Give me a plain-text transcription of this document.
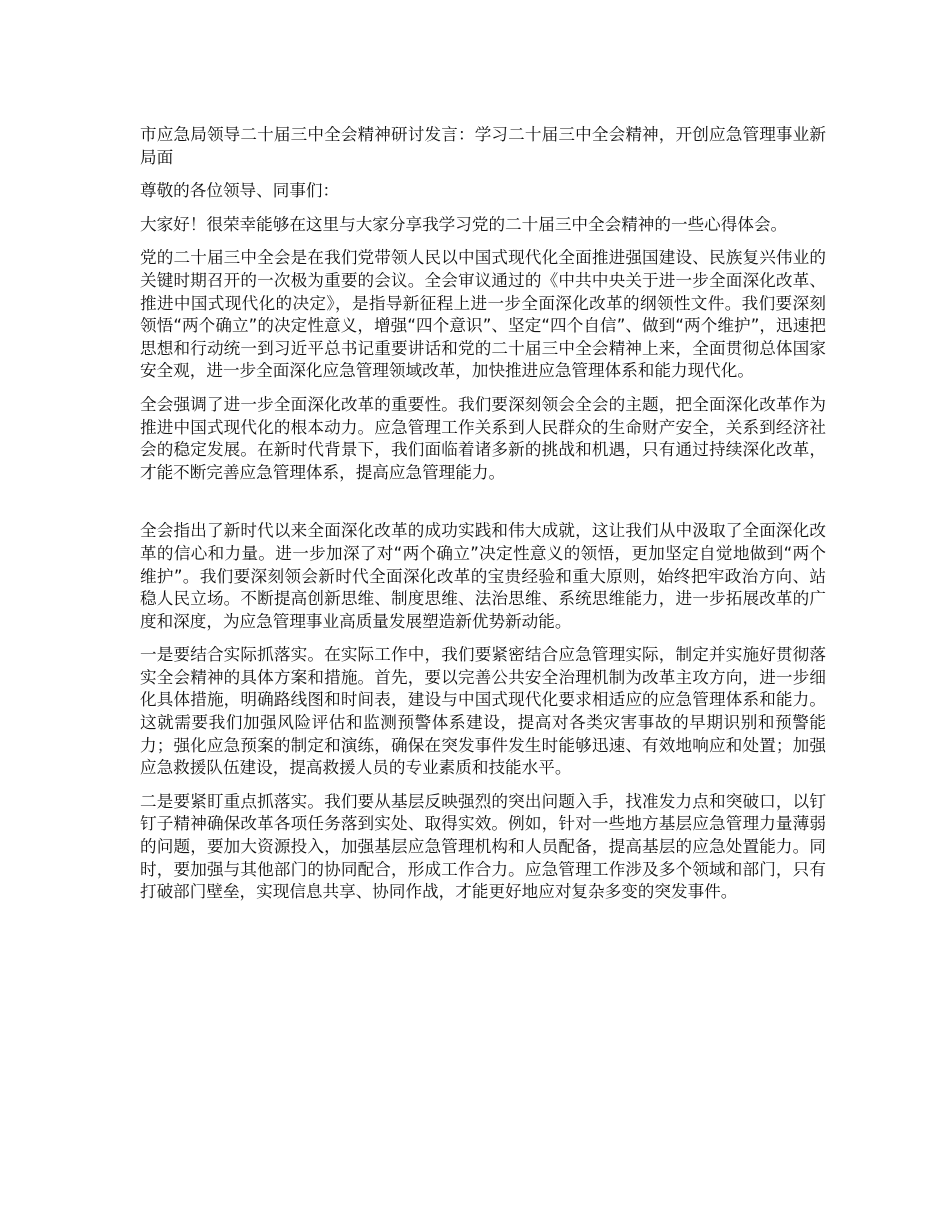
市应急局领导二十届三中全会精神研讨发言：学习二十届三中全会精神，开创应急管理事业新局面

尊敬的各位领导、同事们：

大家好！很荣幸能够在这里与大家分享我学习党的二十届三中全会精神的一些心得体会。

党的二十届三中全会是在我们党带领人民以中国式现代化全面推进强国建设、民族复兴伟业的关键时期召开的一次极为重要的会议。全会审议通过的《中共中央关于进一步全面深化改革、推进中国式现代化的决定》，是指导新征程上进一步全面深化改革的纲领性文件。我们要深刻领悟“两个确立”的决定性意义，增强“四个意识”、坚定“四个自信”、做到“两个维护”，迅速把思想和行动统一到习近平总书记重要讲话和党的二十届三中全会精神上来，全面贯彻总体国家安全观，进一步全面深化应急管理领域改革，加快推进应急管理体系和能力现代化。

全会强调了进一步全面深化改革的重要性。我们要深刻领会全会的主题，把全面深化改革作为推进中国式现代化的根本动力。应急管理工作关系到人民群众的生命财产安全，关系到经济社会的稳定发展。在新时代背景下，我们面临着诸多新的挑战和机遇，只有通过持续深化改革，才能不断完善应急管理体系，提高应急管理能力。

全会指出了新时代以来全面深化改革的成功实践和伟大成就，这让我们从中汲取了全面深化改革的信心和力量。进一步加深了对“两个确立”决定性意义的领悟，更加坚定自觉地做到“两个维护”。我们要深刻领会新时代全面深化改革的宝贵经验和重大原则，始终把牢政治方向、站稳人民立场。不断提高创新思维、制度思维、法治思维、系统思维能力，进一步拓展改革的广度和深度，为应急管理事业高质量发展塑造新优势新动能。

一是要结合实际抓落实。在实际工作中，我们要紧密结合应急管理实际，制定并实施好贯彻落实全会精神的具体方案和措施。首先，要以完善公共安全治理机制为改革主攻方向，进一步细化具体措施，明确路线图和时间表，建设与中国式现代化要求相适应的应急管理体系和能力。这就需要我们加强风险评估和监测预警体系建设，提高对各类灾害事故的早期识别和预警能力；强化应急预案的制定和演练，确保在突发事件发生时能够迅速、有效地响应和处置；加强应急救援队伍建设，提高救援人员的专业素质和技能水平。

二是要紧盯重点抓落实。我们要从基层反映强烈的突出问题入手，找准发力点和突破口，以钉钉子精神确保改革各项任务落到实处、取得实效。例如，针对一些地方基层应急管理力量薄弱的问题，要加大资源投入，加强基层应急管理机构和人员配备，提高基层的应急处置能力。同时，要加强与其他部门的协同配合，形成工作合力。应急管理工作涉及多个领域和部门，只有打破部门壁垒，实现信息共享、协同作战，才能更好地应对复杂多变的突发事件。
